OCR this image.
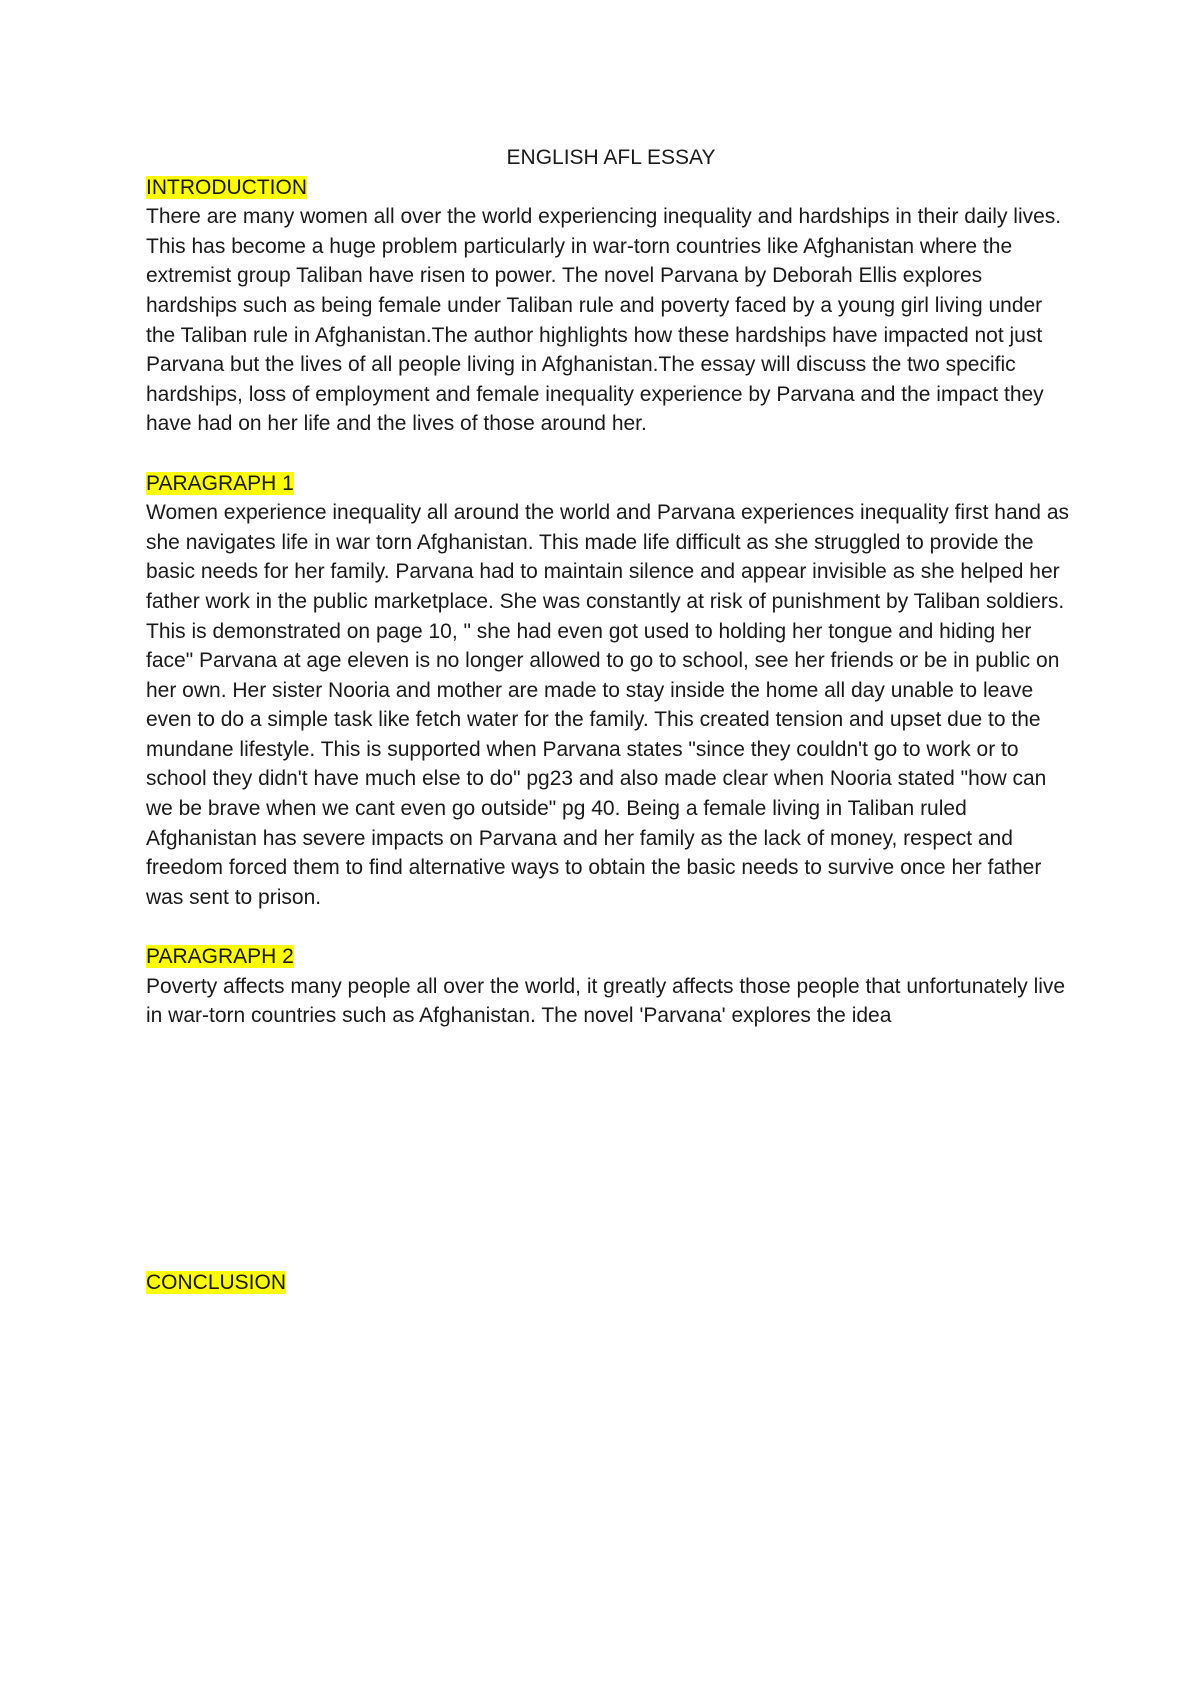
ENGLISH AFL ESSAY
INTRODUCTION

There are many women all over the world experiencing inequality and hardships in their daily lives. This has become a huge problem particularly in war-torn countries like Afghanistan where the extremist group Taliban have risen to power. The novel Parvana by Deborah Ellis explores hardships such as being female under Taliban rule and poverty faced by a young girl living under the Taliban rule in Afghanistan.The author highlights how these hardships have impacted not just Parvana but the lives of all people living in Afghanistan.The essay will discuss the two specific hardships, loss of employment and female inequality experience by Parvana and the impact they have had on her life and the lives of those around her.

PARAGRAPH 1

Women experience inequality all around the world and Parvana experiences inequality first hand as she navigates life in war torn Afghanistan. This made life difficult as she struggled to provide the basic needs for her family. Parvana had to maintain silence and appear invisible as she helped her father work in the public marketplace. She was constantly at risk of punishment by Taliban soldiers. This is demonstrated on page 10, " she had even got used to holding her tongue and hiding her face" Parvana at age eleven is no longer allowed to go to school, see her friends or be in public on her own. Her sister Nooria and mother are made to stay inside the home all day unable to leave even to do a simple task like fetch water for the family. This created tension and upset due to the mundane lifestyle. This is supported when Parvana states "since they couldn't go to work or to school they didn't have much else to do" pg23 and also made clear when Nooria stated "how can we be brave when we cant even go outside" pg 40. Being a female living in Taliban ruled Afghanistan has severe impacts on Parvana and her family as the lack of money, respect and freedom forced them to find alternative ways to obtain the basic needs to survive once her father was sent to prison.

PARAGRAPH 2

Poverty affects many people all over the world, it greatly affects those people that unfortunately live in war-torn countries such as Afghanistan. The novel 'Parvana' explores the idea

CONCLUSION
